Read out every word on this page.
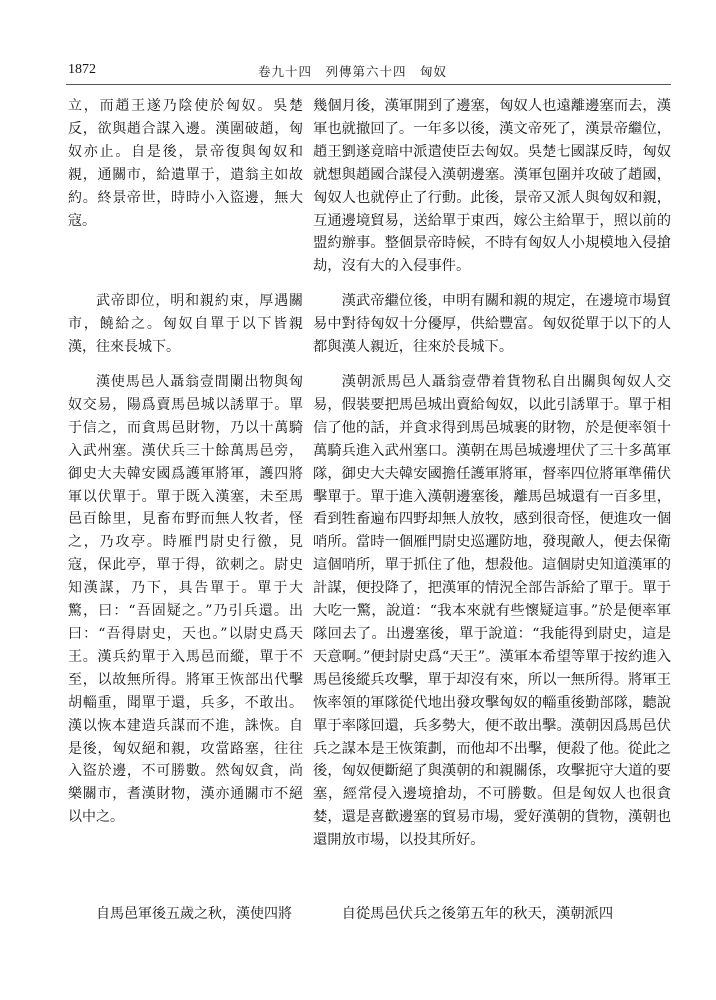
1872	卷九十四　列傳第六十四　匈奴

立，而趙王遂乃陰使於匈奴。吳楚反，欲與趙合謀入邊。漢圍破趙，匈奴亦止。自是後，景帝復與匈奴和親，通關市，給遺單于，遣翁主如故約。終景帝世，時時小入盜邊，無大寇。

武帝即位，明和親約束，厚遇關市，饒給之。匈奴自單于以下皆親漢，往來長城下。

漢使馬邑人聶翁壹間闌出物與匈奴交易，陽爲賣馬邑城以誘單于。單于信之，而貪馬邑財物，乃以十萬騎入武州塞。漢伏兵三十餘萬馬邑旁，御史大夫韓安國爲護軍將軍，護四將軍以伏單于。單于既入漢塞，未至馬邑百餘里，見畜布野而無人牧者，怪之，乃攻亭。時雁門尉史行徼，見寇，保此亭，單于得，欲刺之。尉史知漢謀，乃下，具告單于。單于大驚，曰：“吾固疑之。”乃引兵還。出曰：“吾得尉史，天也。”以尉史爲天王。漢兵約單于入馬邑而縱，單于不至，以故無所得。將軍王恢部出代擊胡輜重，聞單于還，兵多，不敢出。漢以恢本建造兵謀而不進，誅恢。自是後，匈奴絕和親，攻當路塞，往往入盜於邊，不可勝數。然匈奴貪，尚樂關市，耆漢財物，漢亦通關市不絕以中之。

自馬邑軍後五歲之秋，漢使四將

幾個月後，漢軍開到了邊塞，匈奴人也遠離邊塞而去，漢軍也就撤回了。一年多以後，漢文帝死了，漢景帝繼位，趙王劉遂竟暗中派遣使臣去匈奴。吳楚七國謀反時，匈奴就想與趙國合謀侵入漢朝邊塞。漢軍包圍并攻破了趙國，匈奴人也就停止了行動。此後，景帝又派人與匈奴和親，互通邊境貿易，送給單于東西，嫁公主給單于，照以前的盟約辦事。整個景帝時候，不時有匈奴人小規模地入侵搶劫，沒有大的入侵事件。

漢武帝繼位後，申明有關和親的規定，在邊境市場貿易中對待匈奴十分優厚，供給豐富。匈奴從單于以下的人都與漢人親近，往來於長城下。

漢朝派馬邑人聶翁壹帶着貨物私自出關與匈奴人交易，假裝要把馬邑城出賣給匈奴，以此引誘單于。單于相信了他的話，并貪求得到馬邑城裹的財物，於是便率領十萬騎兵進入武州塞口。漢朝在馬邑城邊埋伏了三十多萬軍隊，御史大夫韓安國擔任護軍將軍，督率四位將軍準備伏擊單于。單于進入漢朝邊塞後，離馬邑城還有一百多里，看到牲畜遍布四野却無人放牧，感到很奇怪，便進攻一個哨所。當時一個雁門尉史巡邏防地，發現敵人，便去保衛這個哨所，單于抓住了他，想殺他。這個尉史知道漢軍的計謀，便投降了，把漢軍的情況全部告訴給了單于。單于大吃一驚，說道：“我本來就有些懷疑這事。”於是便率軍隊回去了。出邊塞後，單于說道：“我能得到尉史，這是天意啊。”便封尉史爲“天王”。漢軍本希望等單于按約進入馬邑後縱兵攻擊，單于却沒有來，所以一無所得。將軍王恢率領的軍隊從代地出發攻擊匈奴的輜重後勤部隊，聽說單于率隊回還，兵多勢大，便不敢出擊。漢朝因爲馬邑伏兵之謀本是王恢策劃，而他却不出擊，便殺了他。從此之後，匈奴便斷絕了與漢朝的和親關係，攻擊扼守大道的要塞，經常侵入邊境搶劫，不可勝數。但是匈奴人也很貪婪，還是喜歡邊塞的貿易市場，愛好漢朝的貨物，漢朝也還開放市場，以投其所好。

自從馬邑伏兵之後第五年的秋天，漢朝派四
